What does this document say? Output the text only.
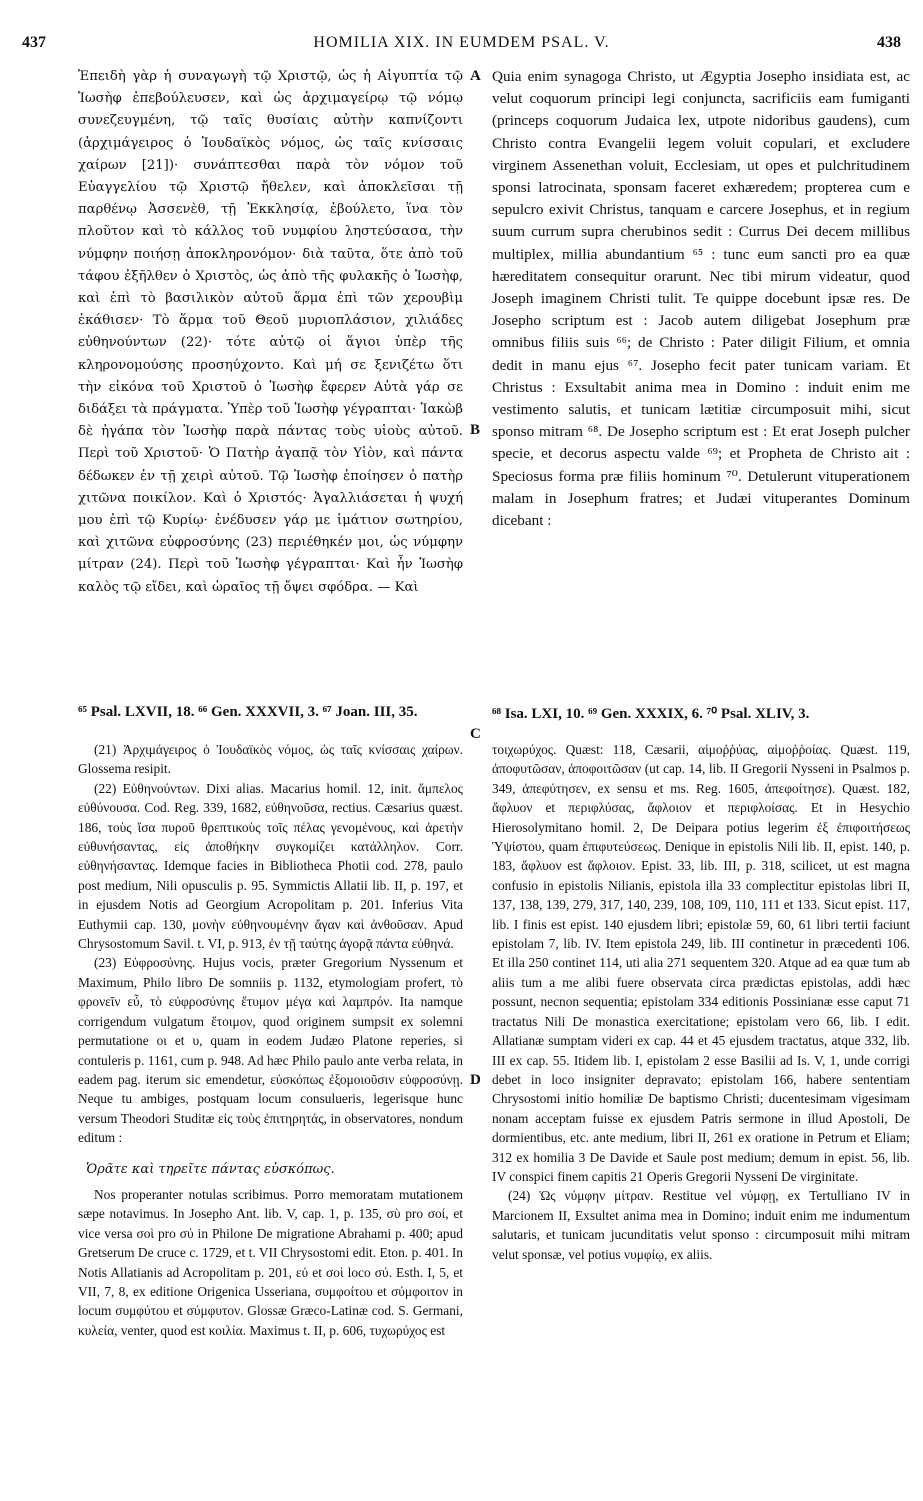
437	HOMILIA XIX. IN EUMDEM PSAL. V.	438

Ἐπειδὴ γὰρ ἡ συναγωγὴ τῷ Χριστῷ, ὡς ἡ Αἰγυπτία τῷ Ἰωσὴφ ἐπεβούλευσεν, καὶ ὡς ἀρχιμαγείρῳ τῷ νόμῳ συνεζευγμένη, τῷ ταῖς θυσίαις αὐτὴν καπνίζοντι (ἀρχιμάγειρος ὁ Ἰουδαϊκὸς νόμος, ὡς ταῖς κνίσσαις χαίρων [21])· συνάπτεσθαι παρὰ τὸν νόμον τοῦ Εὐαγγελίου τῷ Χριστῷ ἤθελεν, καὶ ἀποκλεῖσαι τῇ παρθένῳ Ἀσσενὲθ, τῇ Ἐκκλησίᾳ, ἐβούλετο, ἵνα τὸν πλοῦτον καὶ τὸ κάλλος τοῦ νυμφίου ληστεύσασα, τὴν νύμφην ποιήσῃ ἀποκληρονόμον· διὰ ταῦτα, ὅτε ἀπὸ τοῦ τάφου ἐξῆλθεν ὁ Χριστὸς, ὡς ἀπὸ τῆς φυλακῆς ὁ Ἰωσὴφ, καὶ ἐπὶ τὸ βασιλικὸν αὐτοῦ ἅρμα ἐπὶ τῶν χερουβὶμ ἐκάθισεν· Τὸ ἅρμα τοῦ Θεοῦ μυριοπλάσιον, χιλιάδες εὐθηνούντων (22)· τότε αὐτῷ οἱ ἅγιοι ὑπὲρ τῆς κληρονομούσης προσηύχοντο. Καὶ μή σε ξενιζέτω ὅτι τὴν εἰκόνα τοῦ Χριστοῦ ὁ Ἰωσὴφ ἔφερεν Αὐτὰ γάρ σε διδάξει τὰ πράγματα. Ὑπὲρ τοῦ Ἰωσὴφ γέγραπται· Ἰακὼβ δὲ ἠγάπα τὸν Ἰωσὴφ παρὰ πάντας τοὺς υἱοὺς αὐτοῦ. Περὶ τοῦ Χριστοῦ· Ὁ Πατὴρ ἀγαπᾷ τὸν Υἱὸν, καὶ πάντα δέδωκεν ἐν τῇ χειρὶ αὐτοῦ. Τῷ Ἰωσὴφ ἐποίησεν ὁ πατὴρ χιτῶνα ποικίλον. Καὶ ὁ Χριστός· Ἀγαλλιάσεται ἡ ψυχή μου ἐπὶ τῷ Κυρίῳ· ἐνέδυσεν γάρ με ἱμάτιον σωτηρίου, καὶ χιτῶνα εὐφροσύνης (23) περιέθηκέν μοι, ὡς νύμφην μίτραν (24). Περὶ τοῦ Ἰωσὴφ γέγραπται· Καὶ ἦν Ἰωσὴφ καλὸς τῷ εἴδει, καὶ ὡραῖος τῇ ὄψει σφόδρα. — Καὶ

A
B
C
D

Quia enim synagoga Christo, ut Ægyptia Josepho insidiata est, ac velut coquorum principi legi conjuncta, sacrificiis eam fumiganti (princeps coquorum Judaica lex, utpote nidoribus gaudens), cum Christo contra Evangelii legem voluit copulari, et excludere virginem Assenethan voluit, Ecclesiam, ut opes et pulchritudinem sponsi latrocinata, sponsam faceret exhæredem; propterea cum e sepulcro exivit Christus, tanquam e carcere Josephus, et in regium suum currum supra cherubinos sedit : Currus Dei decem millibus multiplex, millia abundantium ⁶⁵ : tunc eum sancti pro ea quæ hæreditatem consequitur orarunt. Nec tibi mirum videatur, quod Joseph imaginem Christi tulit. Te quippe docebunt ipsæ res. De Josepho scriptum est : Jacob autem diligebat Josephum præ omnibus filiis suis ⁶⁶; de Christo : Pater diligit Filium, et omnia dedit in manu ejus ⁶⁷. Josepho fecit pater tunicam variam. Et Christus : Exsultabit anima mea in Domino : induit enim me vestimento salutis, et tunicam lætitiæ circumposuit mihi, sicut sponso mitram ⁶⁸. De Josepho scriptum est : Et erat Joseph pulcher specie, et decorus aspectu valde ⁶⁹; et Propheta de Christo ait : Speciosus forma præ filiis hominum ⁷⁰. Detulerunt vituperationem malam in Josephum fratres; et Judæi vituperantes Dominum dicebant :

⁶⁵ Psal. LXVII, 18. ⁶⁶ Gen. XXXVII, 3. ⁶⁷ Joan. III, 35.	⁶⁸ Isa. LXI, 10. ⁶⁹ Gen. XXXIX, 6. ⁷⁰ Psal. XLIV, 3.

(21) Ἀρχιμάγειρος ὁ Ἰουδαϊκὸς νόμος, ὡς ταῖς κνίσσαις χαίρων. Glossema resipit.

(22) Εὐθηνούντων. Dixi alias. Macarius homil. 12, init. ἄμπελος εὐθύνουσα. Cod. Reg. 339, 1682, εὐθηνοῦσα, rectius. Cæsarius quæst. 186, τοὺς ἴσα πυροῦ θρεπτικοὺς τοῖς πέλας γενομένους, καὶ ἀρετὴν εὐθυνήσαντας, εἰς ἀποθήκην συγκομίζει κατάλληλον. Corr. εὐθηνήσαντας. Idemque facies in Bibliotheca Photii cod. 278, paulo post medium, Nili opusculis p. 95. Symmictis Allatii lib. II, p. 197, et in ejusdem Notis ad Georgium Acropolitam p. 201. Inferius Vita Euthymii cap. 130, μονὴν εὐθηνουμένην ἄγαν καὶ ἀνθοῦσαν. Apud Chrysostomum Savil. t. VI, p. 913, ἐν τῇ ταύτης ἀγορᾷ πάντα εὐθηνά.

(23) Εὐφροσύνης. Hujus vocis, præter Gregorium Nyssenum et Maximum, Philo libro De somniis p. 1132, etymologiam profert, τὸ φρονεῖν εὖ, τὸ εὐφροσύνης ἔτυμον μέγα καὶ λαμπρόν. Ita namque corrigendum vulgatum ἕτοιμον, quod originem sumpsit ex solemni permutatione οι et υ, quam in eodem Judæo Platone reperies, si contuleris p. 1161, cum p. 948. Ad hæc Philo paulo ante verba relata, in eadem pag. iterum sic emendetur, εὐσκόπως ἐξομοιοῦσιν εὐφροσύνῃ. Neque tu ambiges, postquam locum consulueris, legerisque hunc versum Theodori Studitæ εἰς τοὺς ἐπιτηρητάς, in observatores, nondum editum :

Ὁρᾶτε καὶ τηρεῖτε πάντας εὐσκόπως.

Nos properanter notulas scribimus. Porro memoratam mutationem sæpe notavimus. In Josepho Ant. lib. V, cap. 1, p. 135, σὺ pro σοί, et vice versa σοὶ pro σύ in Philone De migratione Abrahami p. 400; apud Gretserum De cruce c. 1729, et t. VII Chrysostomi edit. Eton. p. 401. In Notis Allatianis ad Acropolitam p. 201, εὐ et σοὶ loco σύ. Esth. I, 5, et VII, 7, 8, ex editione Origenica Usseriana, συμφοίτου et σύμφοιτον in locum συμφύτου et σύμφυτον. Glossæ Græco-Latinæ cod. S. Germani, κυλεία, venter, quod est κοιλία. Maximus t. II, p. 606, τυχωρύχος est

τοιχωρύχος. Quæst: 118, Cæsarii, αἱμοῤῥύας, αἱμοῤῥοίας. Quæst. 119, ἀποφυτῶσαν, ἀποφοιτῶσαν (ut cap. 14, lib. II Gregorii Nysseni in Psalmos p. 349, ἀπεφύτησεν, ex sensu et ms. Reg. 1605, ἀπεφοίτησε). Quæst. 182, ἄφλυον et περιφλύσας, ἄφλοιον et περιφλοίσας. Et in Hesychio Hierosolymitano homil. 2, De Deipara potius legerim ἐξ ἐπιφοιτήσεως Ὑψίστου, quam ἐπιφυτεύσεως. Denique in epistolis Nili lib. II, epist. 140, p. 183, ἄφλυον est ἄφλοιον. Epist. 33, lib. III, p. 318, scilicet, ut est magna confusio in epistolis Nilianis, epistola illa 33 complectitur epistolas libri II, 137, 138, 139, 279, 317, 140, 239, 108, 109, 110, 111 et 133. Sicut epist. 117, lib. I finis est epist. 140 ejusdem libri; epistolæ 59, 60, 61 libri tertii faciunt epistolam 7, lib. IV. Item epistola 249, lib. III continetur in præcedenti 106. Et illa 250 continet 114, uti alia 271 sequentem 320. Atque ad ea quæ tum ab aliis tum a me alibi fuere observata circa prædictas epistolas, addi hæc possunt, necnon sequentia; epistolam 334 editionis Possinianæ esse caput 71 tractatus Nili De monastica exercitatione; epistolam vero 66, lib. I edit. Allatianæ sumptam videri ex cap. 44 et 45 ejusdem tractatus, atque 332, lib. III ex cap. 55. Itidem lib. I, epistolam 2 esse Basilii ad Is. V, 1, unde corrigi debet in loco insigniter depravato; epistolam 166, habere sententiam Chrysostomi initio homiliæ De baptismo Christi; ducentesimam vigesimam nonam acceptam fuisse ex ejusdem Patris sermone in illud Apostoli, De dormientibus, etc. ante medium, libri II, 261 ex oratione in Petrum et Eliam; 312 ex homilia 3 De Davide et Saule post medium; demum in epist. 56, lib. IV conspici finem capitis 21 Operis Gregorii Nysseni De virginitate.

(24) Ὡς νύμφην μίτραν. Restitue vel νύμφῃ, ex Tertulliano IV in Marcionem II, Exsultet anima mea in Domino; induit enim me indumentum salutaris, et tunicam jucunditatis velut sponso : circumposuit mihi mitram velut sponsæ, vel potius νυμφίῳ, ex aliis.
